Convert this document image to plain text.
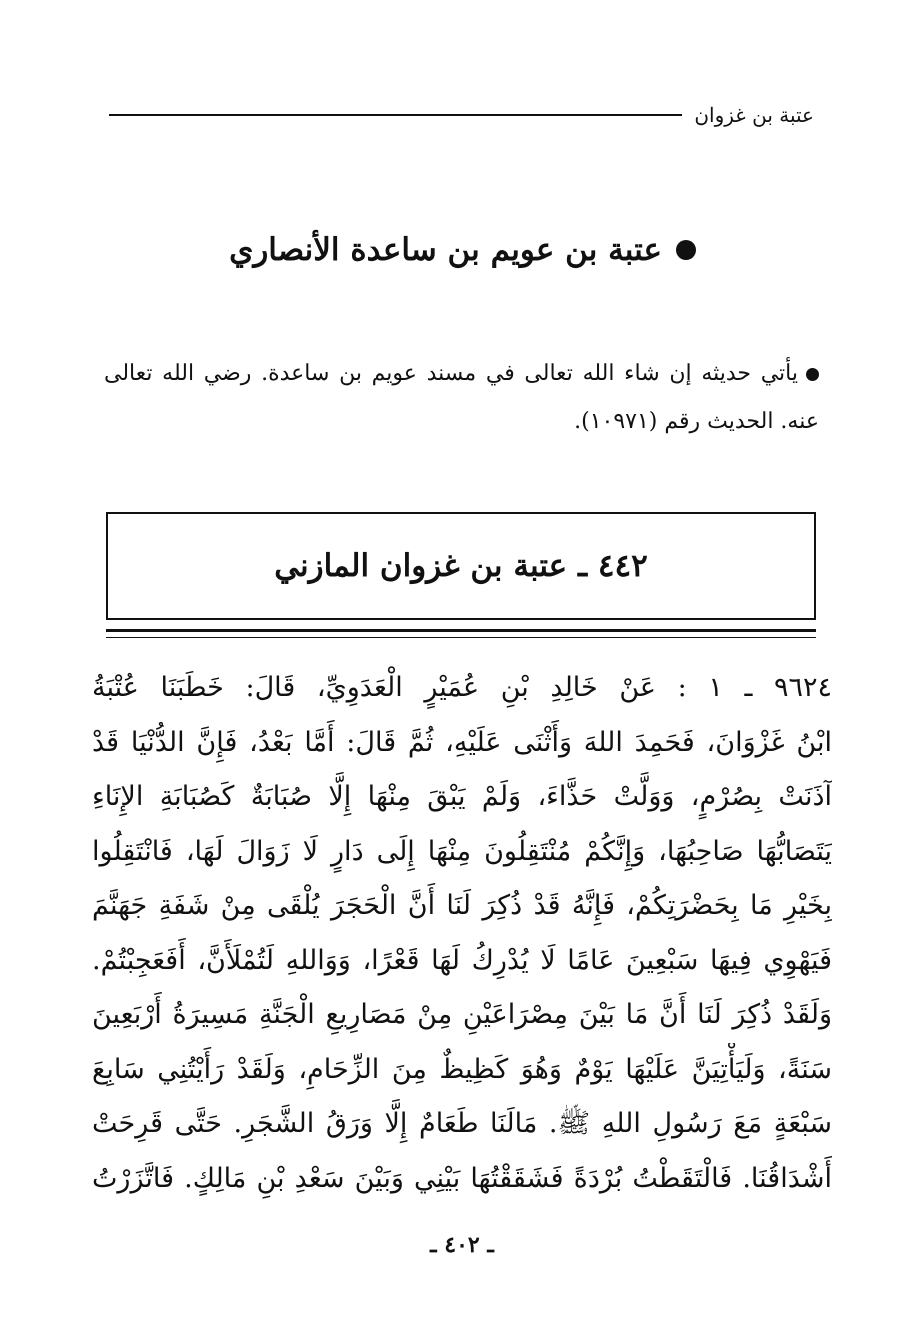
عتبة بن غزوان
عتبة بن عويم بن ساعدة الأنصاري
يأتي حديثه إن شاء الله تعالى في مسند عويم بن ساعدة. رضي الله تعالى عنه. الحديث رقم (١٠٩٧١).
٤٤٢ ـ عتبة بن غزوان المازني
٩٦٢٤ ـ ١ : عَنْ خَالِدِ بْنِ عُمَيْرٍ الْعَدَوِيِّ، قَالَ: خَطَبَنَا عُتْبَةُ
ابْنُ غَزْوَانَ، فَحَمِدَ اللهَ وَأَثْنَى عَلَيْهِ، ثُمَّ قَالَ: أَمَّا بَعْدُ، فَإِنَّ الدُّنْيَا قَدْ
آذَنَتْ بِصُرْمٍ، وَوَلَّتْ حَذَّاءَ، وَلَمْ يَبْقَ مِنْهَا إِلَّا صُبَابَةٌ كَصُبَابَةِ الإِنَاءِ
يَتَصَابُّهَا صَاحِبُهَا، وَإِنَّكُمْ مُنْتَقِلُونَ مِنْهَا إِلَى دَارٍ لَا زَوَالَ لَهَا، فَانْتَقِلُوا
بِخَيْرِ مَا بِحَضْرَتِكُمْ، فَإِنَّهُ قَدْ ذُكِرَ لَنَا أَنَّ الْحَجَرَ يُلْقَى مِنْ شَفَةِ جَهَنَّمَ
فَيَهْوِي فِيهَا سَبْعِينَ عَامًا لَا يُدْرِكُ لَهَا قَعْرًا، وَوَاللهِ لَتُمْلَأَنَّ، أَفَعَجِبْتُمْ.
وَلَقَدْ ذُكِرَ لَنَا أَنَّ مَا بَيْنَ مِصْرَاعَيْنِ مِنْ مَصَارِيعِ الْجَنَّةِ مَسِيرَةُ أَرْبَعِينَ
سَنَةً، وَلَيَأْتِيَنَّ عَلَيْهَا يَوْمٌ وَهُوَ كَظِيظٌ مِنَ الزِّحَامِ، وَلَقَدْ رَأَيْتُنِي سَابِعَ
سَبْعَةٍ مَعَ رَسُولِ اللهِ ﷺ. مَالَنَا طَعَامٌ إِلَّا وَرَقُ الشَّجَرِ. حَتَّى قَرِحَتْ
أَشْدَاقُنَا. فَالْتَقَطْتُ بُرْدَةً فَشَقَقْتُهَا بَيْنِي وَبَيْنَ سَعْدِ بْنِ مَالِكٍ. فَاتَّزَرْتُ
ـ ٤٠٢ ـ
